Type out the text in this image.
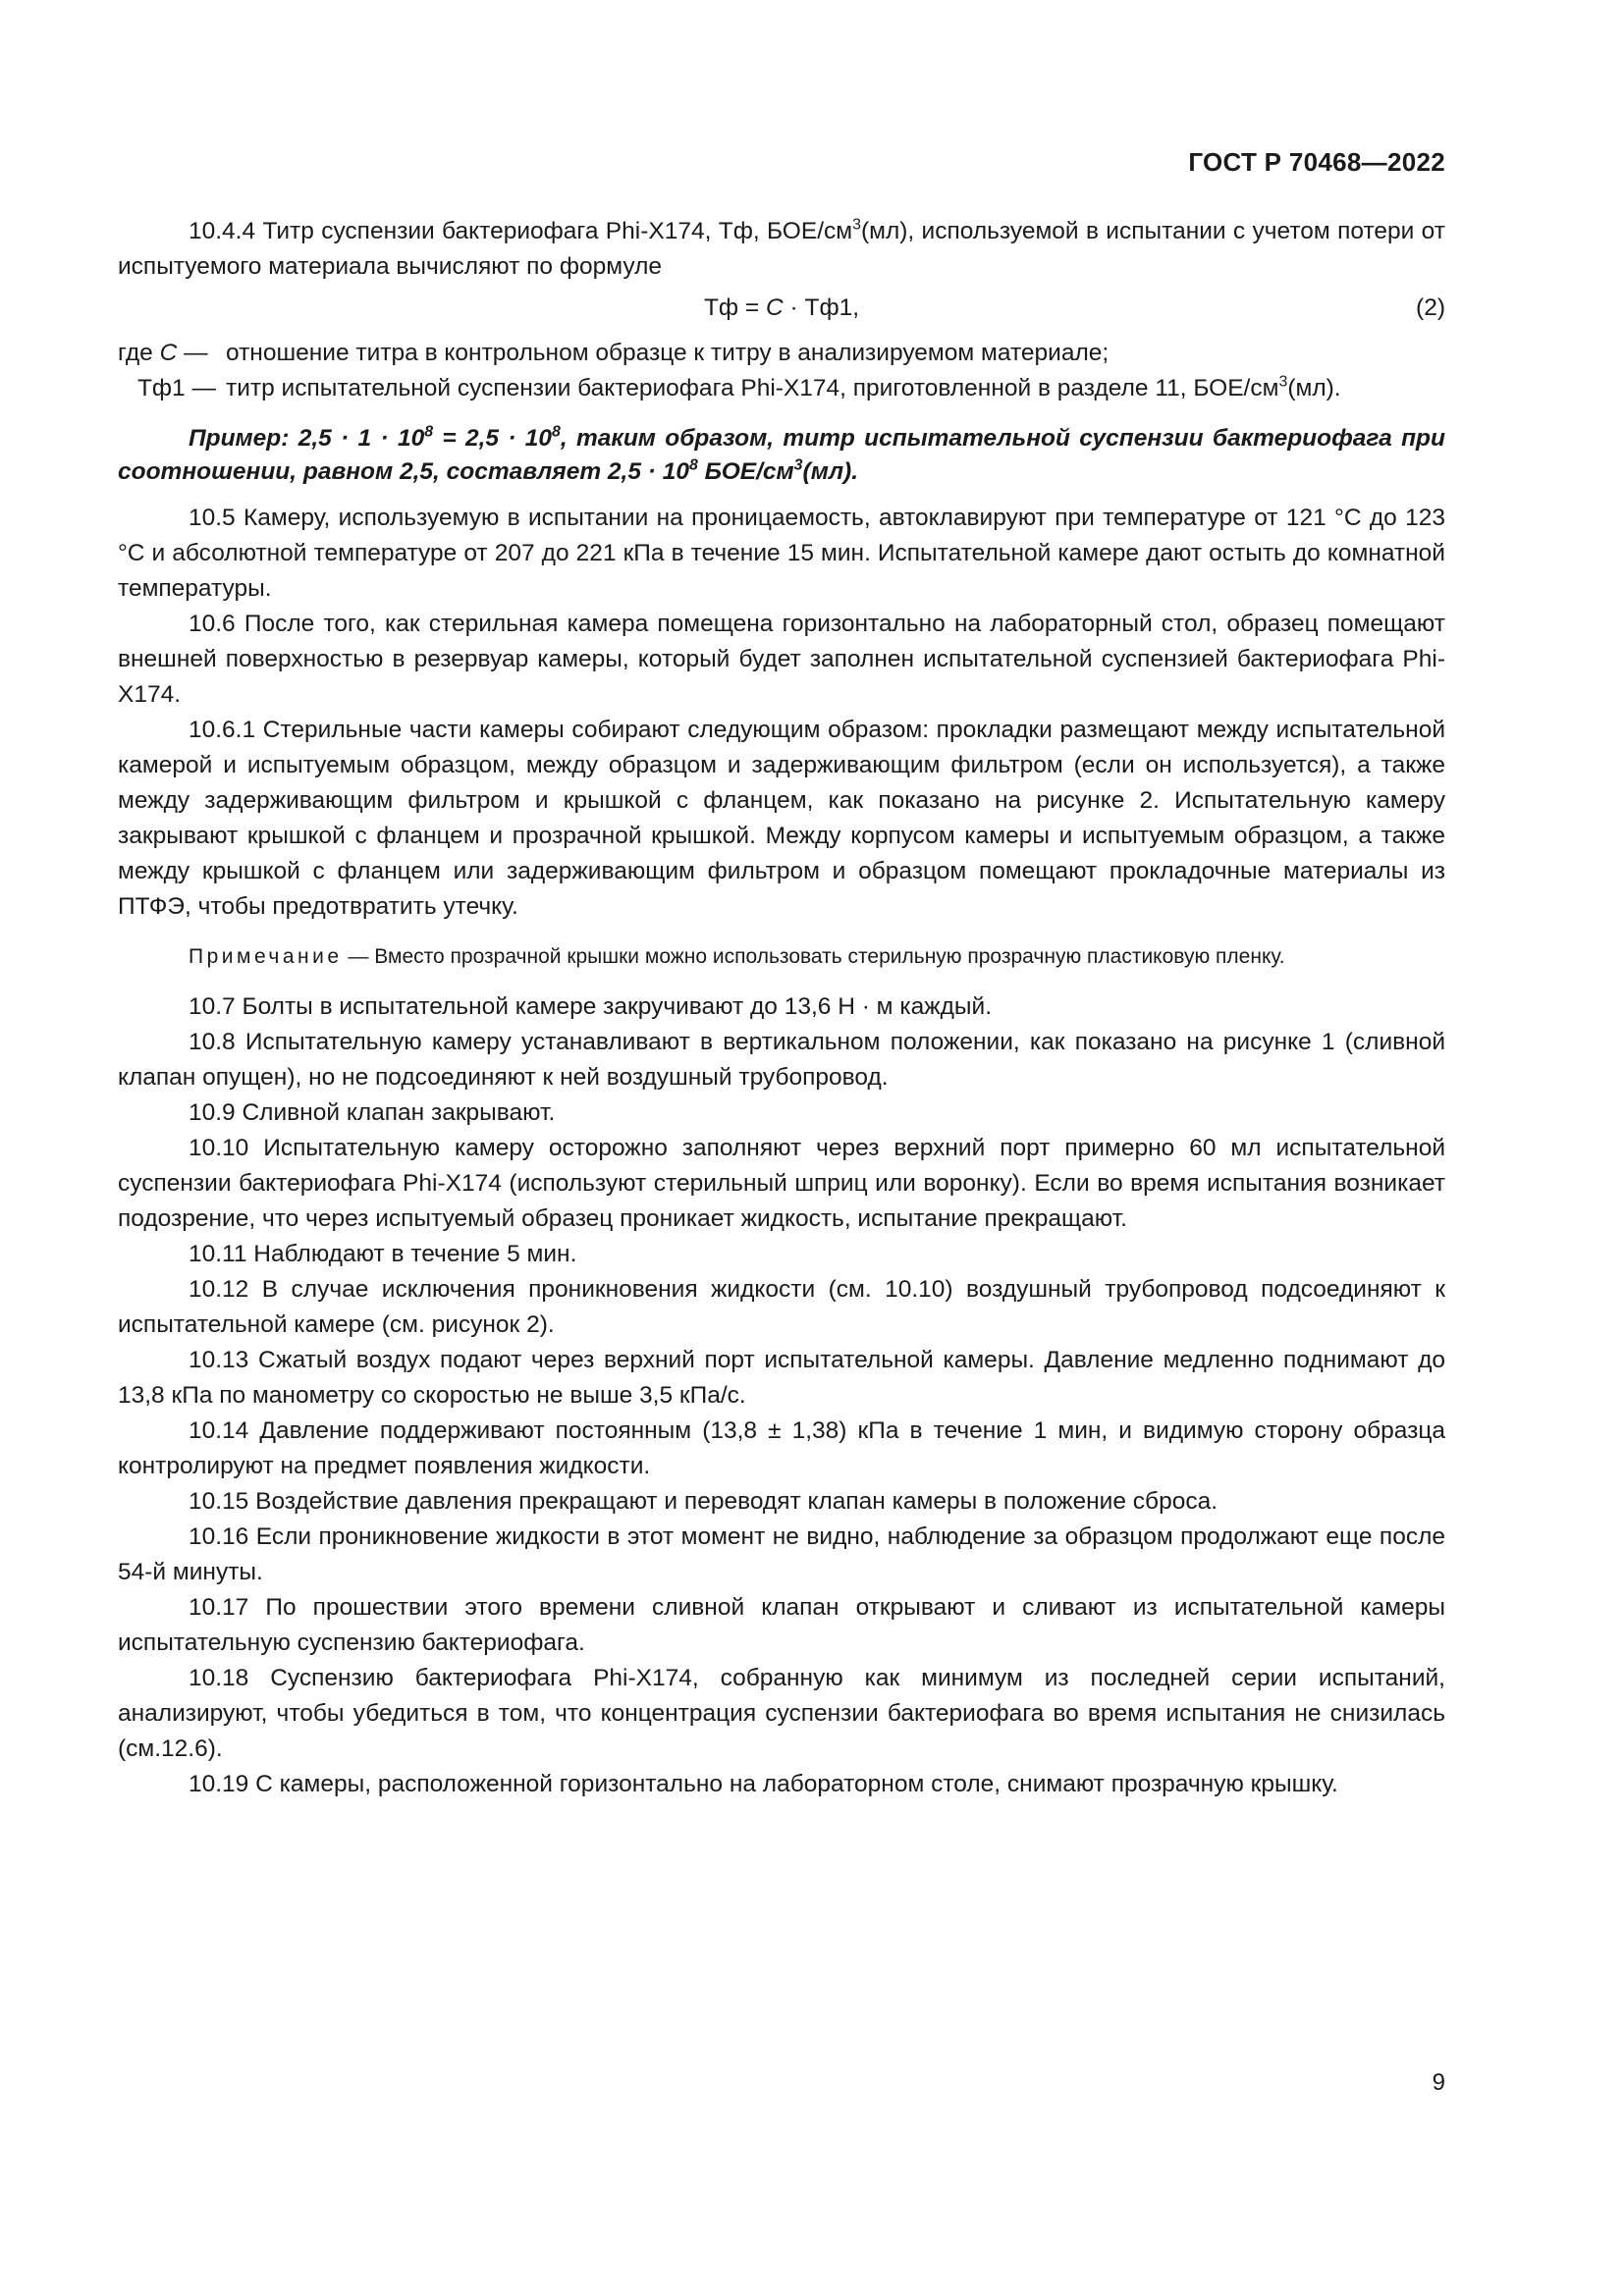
ГОСТ Р 70468—2022

10.4.4 Титр суспензии бактериофага Phi-X174, Тф, БОЕ/$см^3(мл)$, используемой в испытании с учетом потери от испытуемого материала вычисляют по формуле

Тф = C · Тф1,	(2)
где C — отношение титра в контрольном образце к титру в анализируемом материале;
Тф1 — титр испытательной суспензии бактериофага Phi-X174, приготовленной в разделе 11, БОЕ/$см^3(мл)$.

Пример: $2,5 \cdot 1 \cdot 10^8 = 2,5 \cdot 10^8$, таким образом, титр испытательной суспензии бактериофага при соотношении, равном 2,5, составляет $2,5 \cdot 10^8$ БОЕ/$см^3(мл)$.

10.5 Камеру, используемую в испытании на проницаемость, автоклавируют при температуре от 121 °С до 123 °С и абсолютной температуре от 207 до 221 кПа в течение 15 мин. Испытательной камере дают остыть до комнатной температуры.

10.6 После того, как стерильная камера помещена горизонтально на лабораторный стол, образец помещают внешней поверхностью в резервуар камеры, который будет заполнен испытательной суспензией бактериофага Phi-X174.

10.6.1 Стерильные части камеры собирают следующим образом: прокладки размещают между испытательной камерой и испытуемым образцом, между образцом и задерживающим фильтром (если он используется), а также между задерживающим фильтром и крышкой с фланцем, как показано на рисунке 2. Испытательную камеру закрывают крышкой с фланцем и прозрачной крышкой. Между корпусом камеры и испытуемым образцом, а также между крышкой с фланцем или задерживающим фильтром и образцом помещают прокладочные материалы из ПТФЭ, чтобы предотвратить утечку.

Примечание — Вместо прозрачной крышки можно использовать стерильную прозрачную пластиковую пленку.

10.7 Болты в испытательной камере закручивают до 13,6 Н · м каждый.

10.8 Испытательную камеру устанавливают в вертикальном положении, как показано на рисунке 1 (сливной клапан опущен), но не подсоединяют к ней воздушный трубопровод.

10.9 Сливной клапан закрывают.

10.10 Испытательную камеру осторожно заполняют через верхний порт примерно 60 мл испытательной суспензии бактериофага Phi-X174 (используют стерильный шприц или воронку). Если во время испытания возникает подозрение, что через испытуемый образец проникает жидкость, испытание прекращают.

10.11 Наблюдают в течение 5 мин.

10.12 В случае исключения проникновения жидкости (см. 10.10) воздушный трубопровод подсоединяют к испытательной камере (см. рисунок 2).

10.13 Сжатый воздух подают через верхний порт испытательной камеры. Давление медленно поднимают до 13,8 кПа по манометру со скоростью не выше 3,5 кПа/с.

10.14 Давление поддерживают постоянным (13,8 ± 1,38) кПа в течение 1 мин, и видимую сторону образца контролируют на предмет появления жидкости.

10.15 Воздействие давления прекращают и переводят клапан камеры в положение сброса.

10.16 Если проникновение жидкости в этот момент не видно, наблюдение за образцом продолжают еще после 54-й минуты.

10.17 По прошествии этого времени сливной клапан открывают и сливают из испытательной камеры испытательную суспензию бактериофага.

10.18 Суспензию бактериофага Phi-X174, собранную как минимум из последней серии испытаний, анализируют, чтобы убедиться в том, что концентрация суспензии бактериофага во время испытания не снизилась (см.12.6).

10.19 С камеры, расположенной горизонтально на лабораторном столе, снимают прозрачную крышку.

9
